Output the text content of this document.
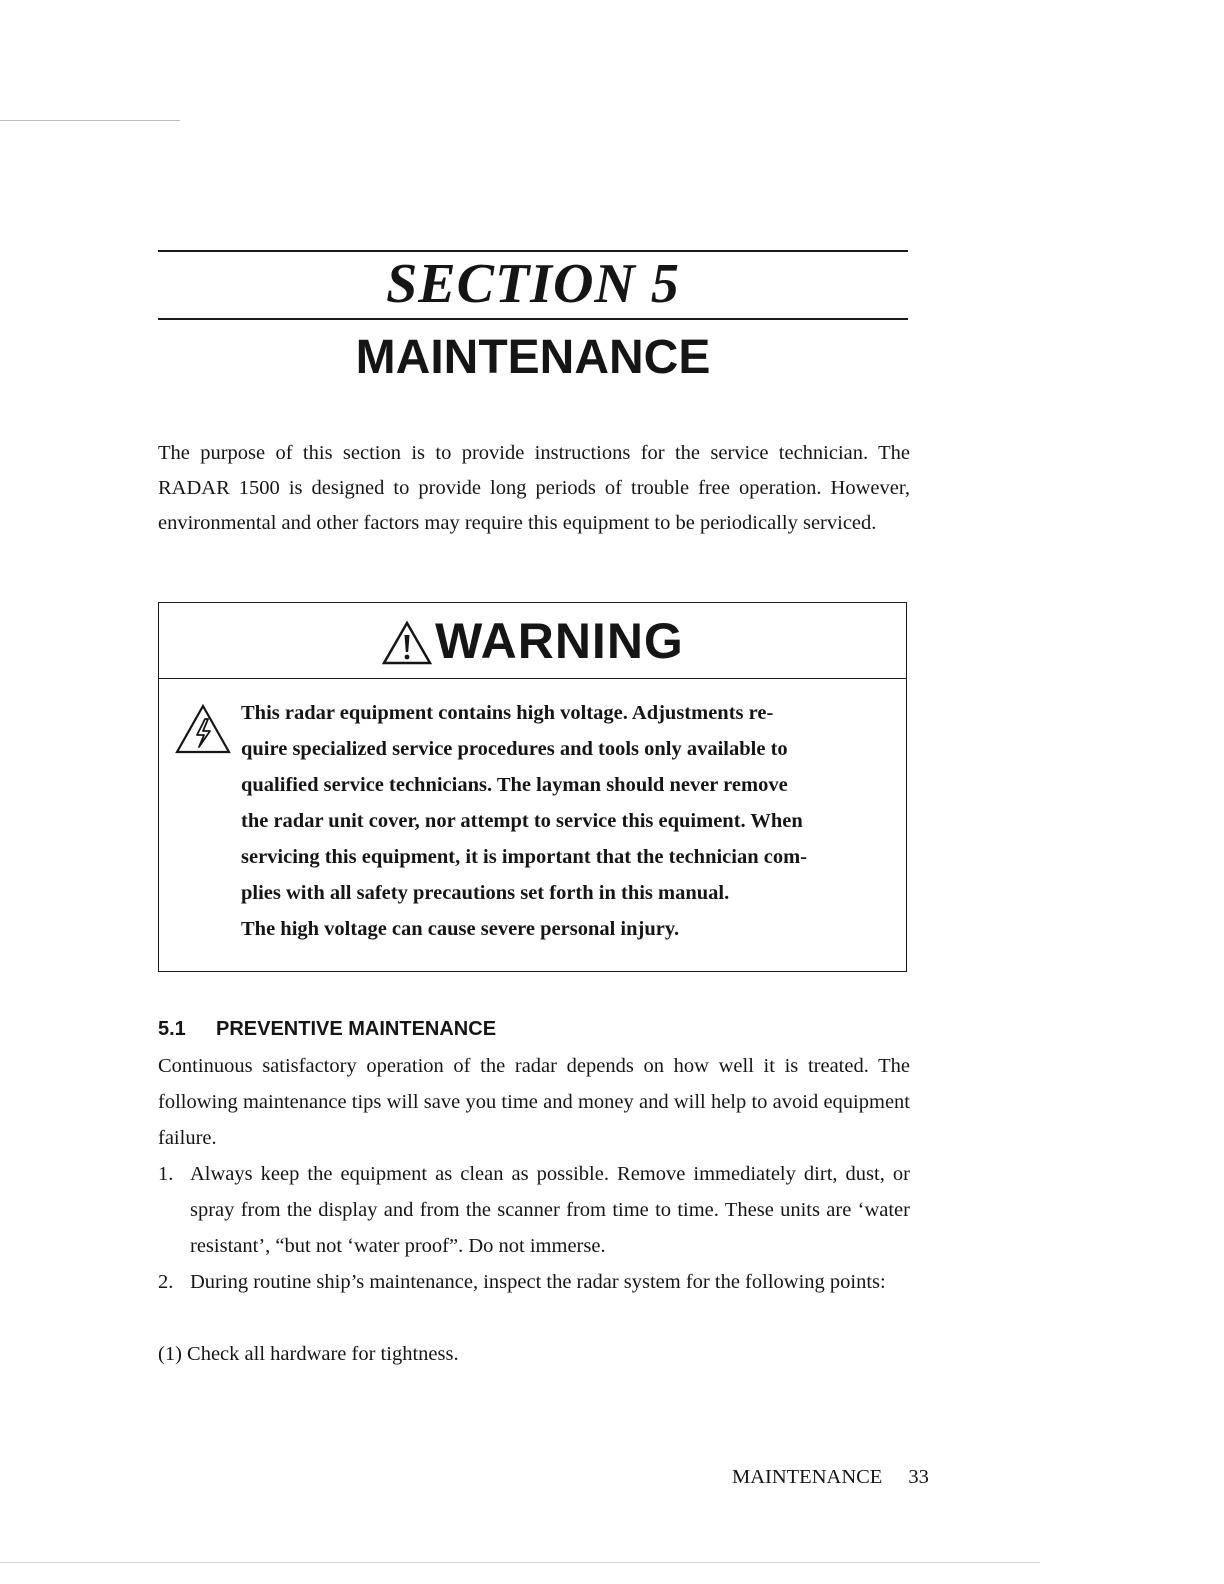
SECTION 5
MAINTENANCE

The purpose of this section is to provide instructions for the service technician. The RADAR 1500 is designed to provide long periods of trouble free operation. However, environmental and other factors may require this equipment to be periodically serviced.

WARNING
This radar equipment contains high voltage. Adjustments re-
quire specialized service procedures and tools only available to
qualified service technicians. The layman should never remove
the radar unit cover, nor attempt to service this equiment. When
servicing this equipment, it is important that the technician com-
plies with all safety precautions set forth in this manual.
The high voltage can cause severe personal injury.
5.1 PREVENTIVE MAINTENANCE

Continuous satisfactory operation of the radar depends on how well it is treated. The following maintenance tips will save you time and money and will help to avoid equipment failure.

1. Always keep the equipment as clean as possible. Remove immediately dirt, dust, or spray from the display and from the scanner from time to time. These units are ‘water resistant’, “but not ‘water proof”. Do not immerse.
2. During routine ship’s maintenance, inspect the radar system for the following points:
(1) Check all hardware for tightness.
MAINTENANCE 33
